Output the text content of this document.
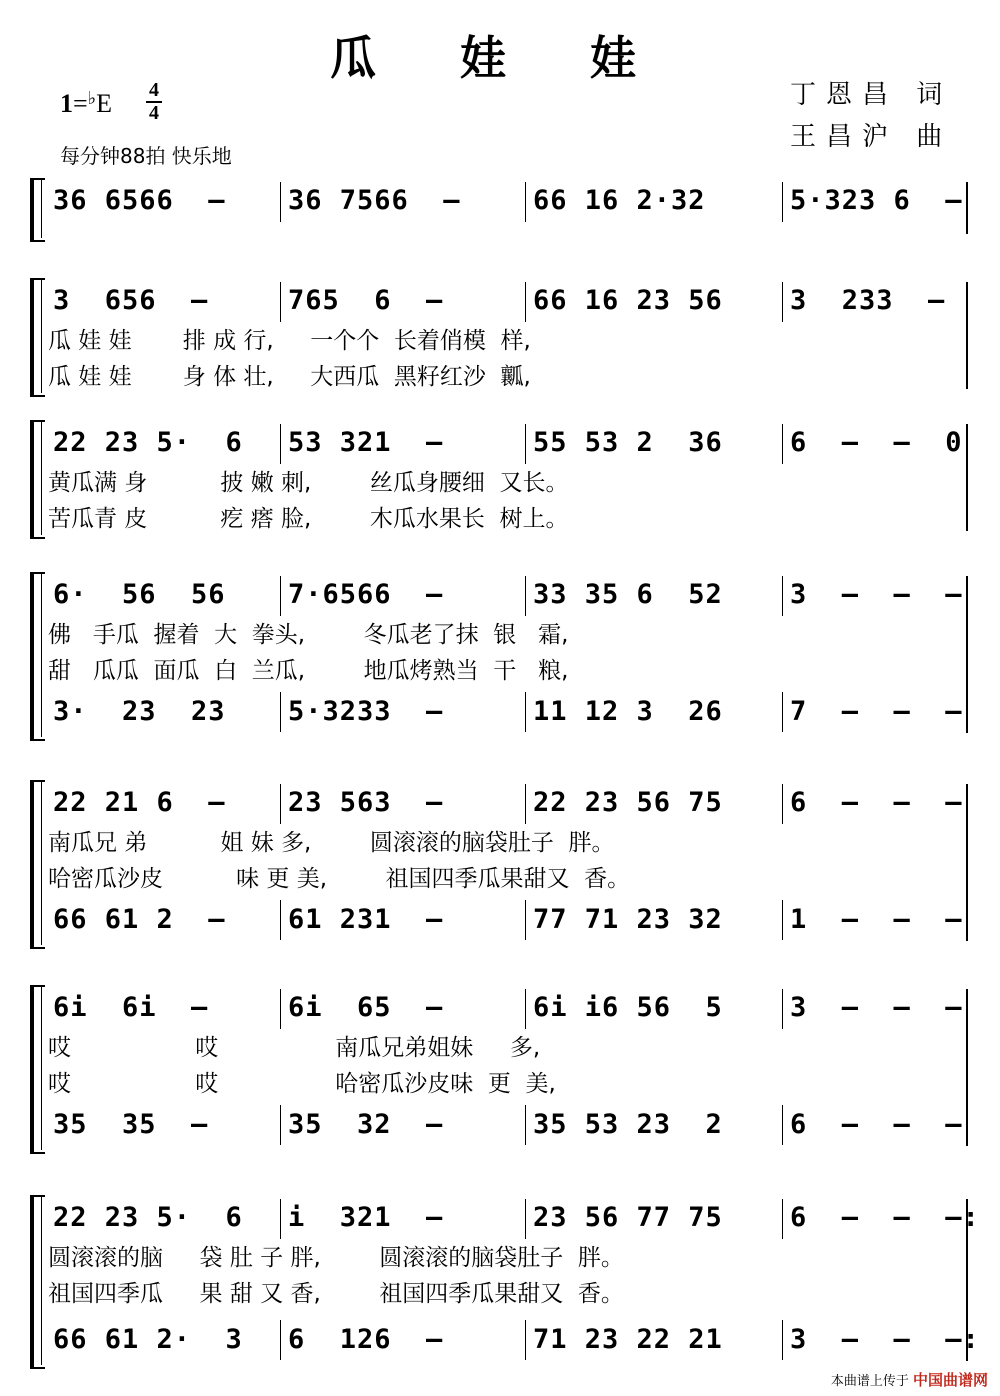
瓜 娃 娃
1=♭E 4
4
每分钟88拍 快乐地
丁恩昌 词
王昌沪 曲
36 6566  – 36 7566  – 66 16 2·32 5·323 6  –
3  656  – 765  6  – 66 16 23 56 3  233  –
瓜 娃 娃       排 成 行,     一个个  长着俏模  样,
瓜 娃 娃       身 体 壮,     大西瓜  黑籽红沙  瓤,
22 23 5·  6 53 321  – 55 53 2  36 6  –  –  0
黄瓜满 身          披 嫩 刺,        丝瓜身腰细  又长。
苦瓜青 皮          疙 瘩 脸,        木瓜水果长  树上。
6·  56  56 7·6566  – 33 35 6  52 3  –  –  –
佛   手瓜  握着  大  拳头,        冬瓜老了抹  银   霜,
甜   瓜瓜  面瓜  白  兰瓜,        地瓜烤熟当  干   粮,
3·  23  23 5·3233  – 11 12 3  26 7  –  –  –
22 21 6  – 23 563  – 22 23 56 75 6  –  –  –
南瓜兄 弟          姐 妹 多,        圆滚滚的脑袋肚子  胖。
哈密瓜沙皮          味 更 美,        祖国四季瓜果甜又  香。
66 61 2  – 61 231  – 77 71 23 32 1  –  –  –
6i  6i  – 6i  65  – 6i i6 56  5 3  –  –  –
哎                 哎                南瓜兄弟姐妹     多,
哎                 哎                哈密瓜沙皮味  更  美,
35  35  – 35  32  – 35 53 23  2 6  –  –  –
22 23 5·  6 i  321  – 23 56 77 75 6  –  –  –:
圆滚滚的脑     袋 肚 子 胖,        圆滚滚的脑袋肚子  胖。
祖国四季瓜     果 甜 又 香,        祖国四季瓜果甜又  香。
66 61 2·  3 6  126  – 71 23 22 21 3  –  –  –:
本曲谱上传于 中国曲谱网
